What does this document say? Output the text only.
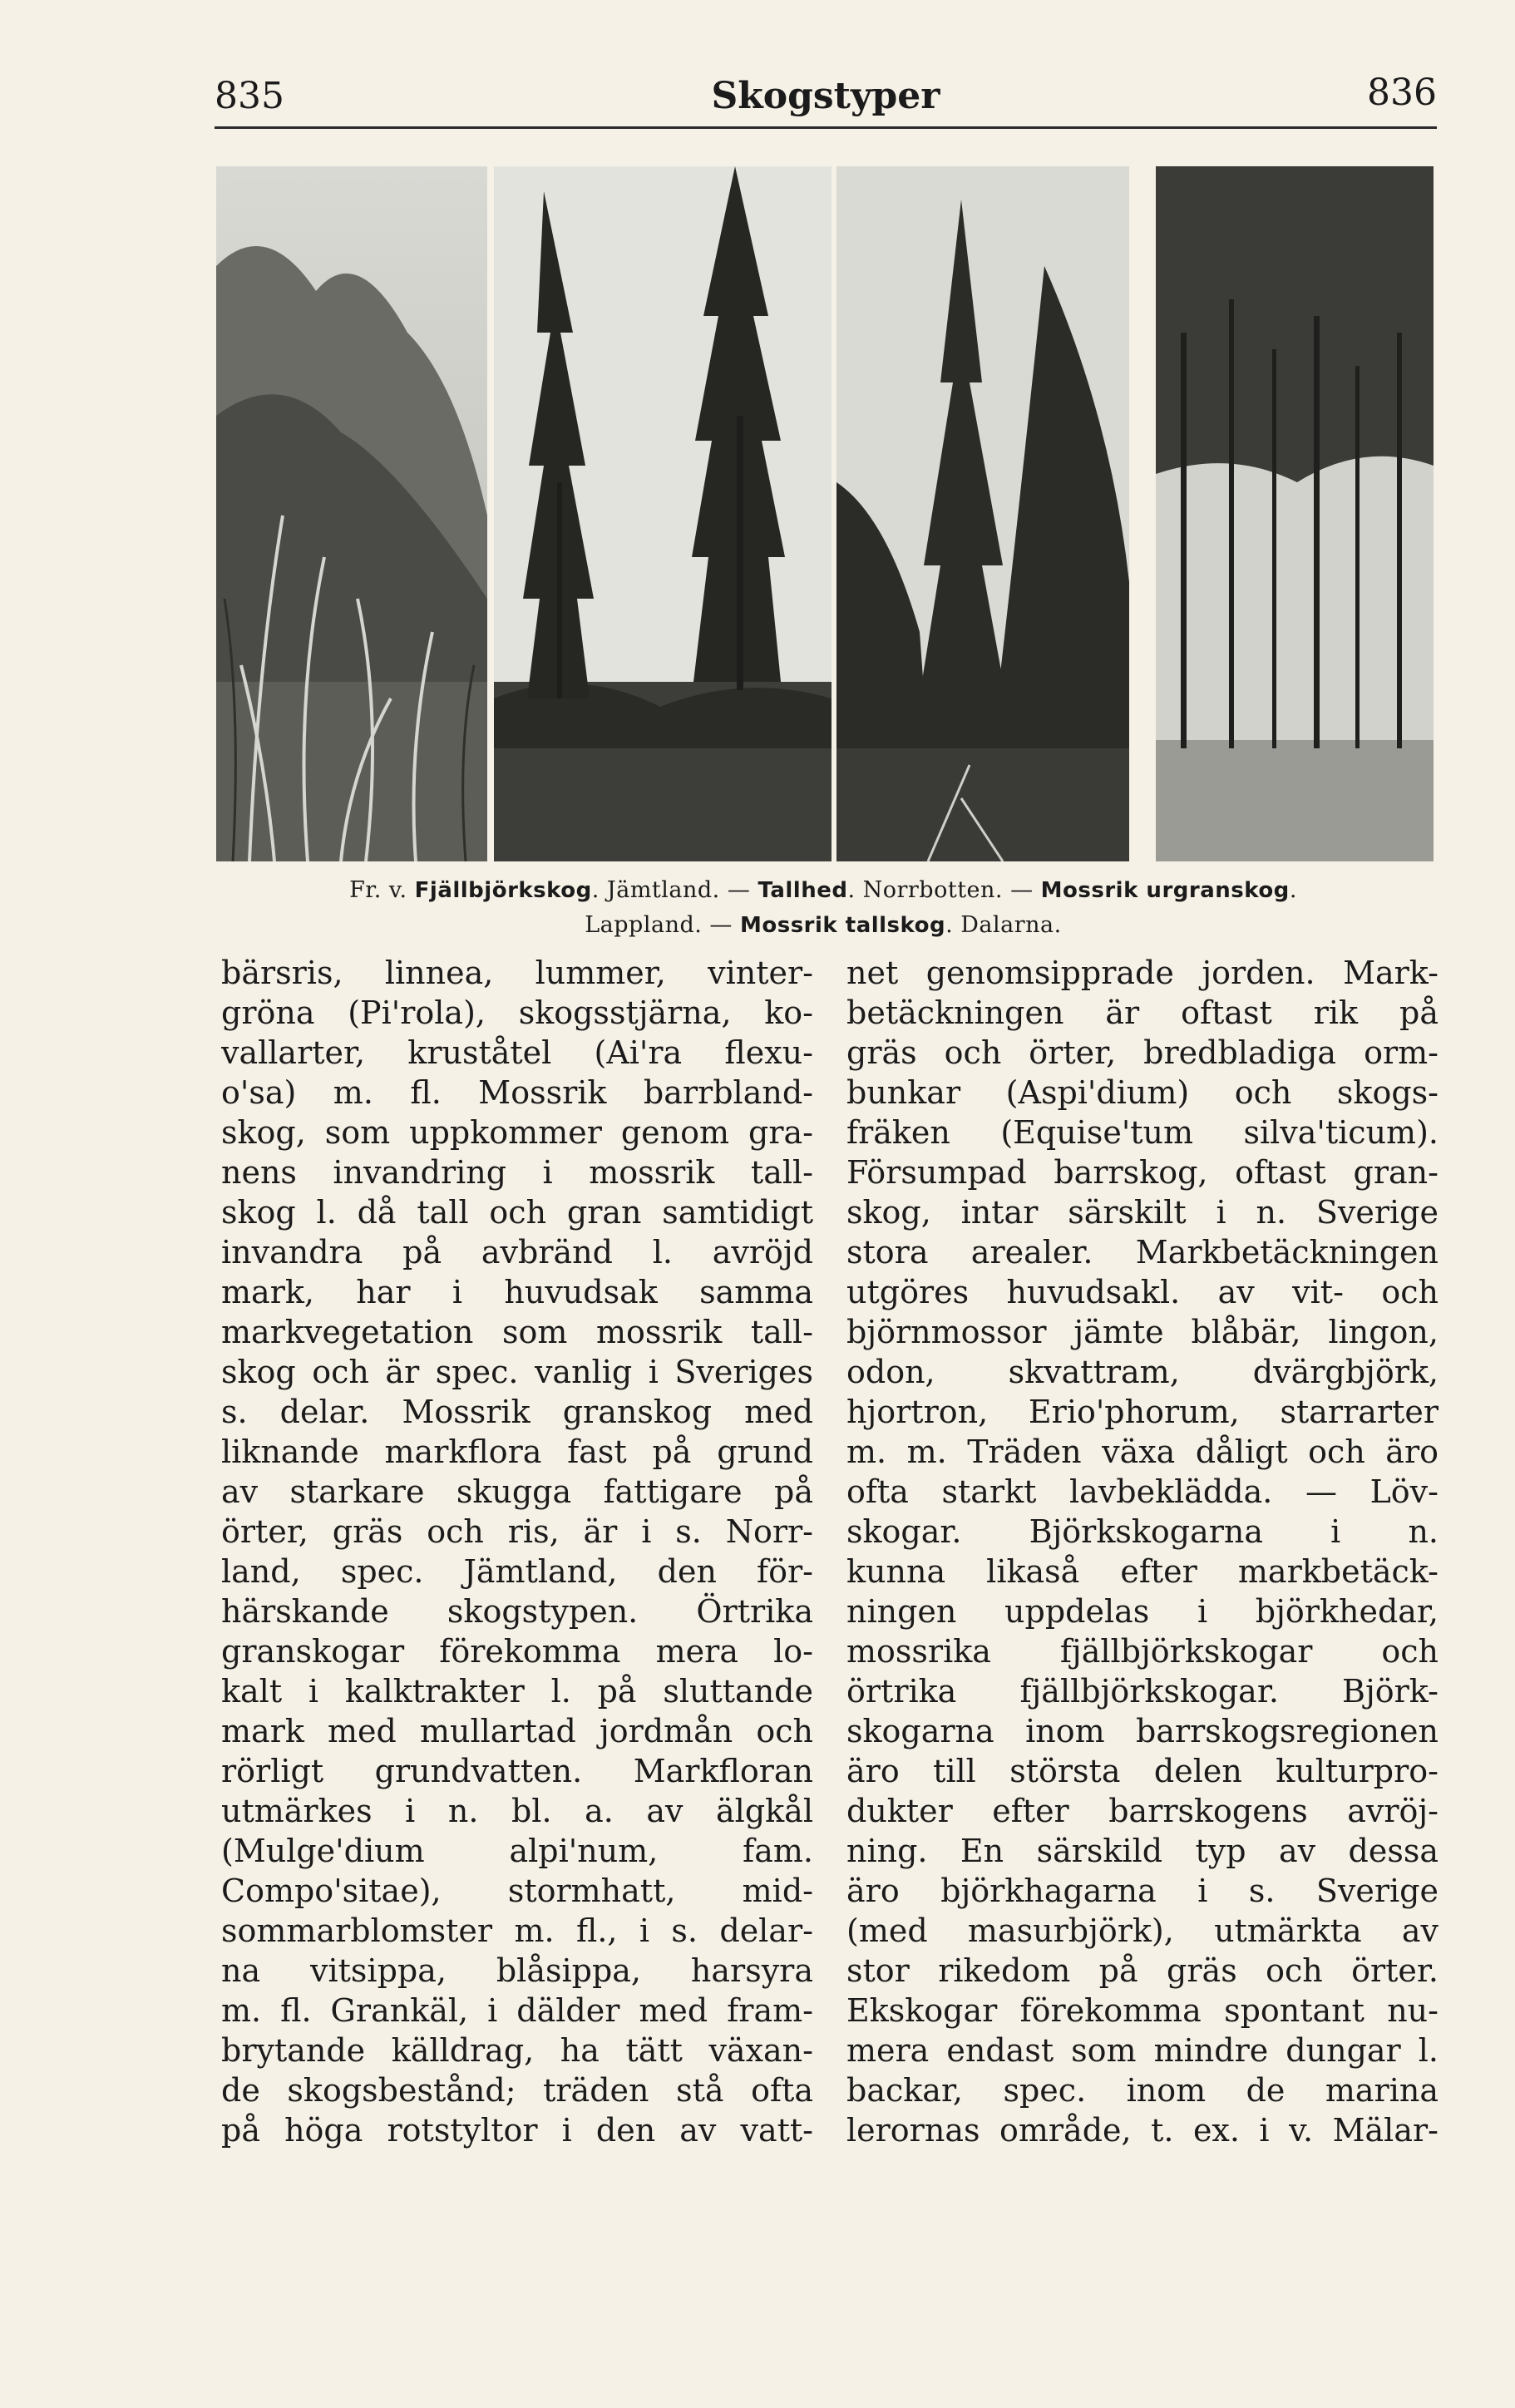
835	Skogstyper	836
Fr. v. Fjällbjörkskog. Jämtland. — Tallhed. Norrbotten. — Mossrik urgranskog.
Lappland. — Mossrik tallskog. Dalarna.
bärsris, linnea, lummer, vinter-
gröna (Pi'rola), skogsstjärna, ko-
vallarter, kruståtel (Ai'ra flexu-
o'sa) m. fl. Mossrik barrbland-
skog, som uppkommer genom gra-
nens invandring i mossrik tall-
skog l. då tall och gran samtidigt
invandra på avbränd l. avröjd
mark, har i huvudsak samma
markvegetation som mossrik tall-
skog och är spec. vanlig i Sveriges
s. delar. Mossrik granskog med
liknande markflora fast på grund
av starkare skugga fattigare på
örter, gräs och ris, är i s. Norr-
land, spec. Jämtland, den för-
härskande skogstypen. Örtrika
granskogar förekomma mera lo-
kalt i kalktrakter l. på sluttande
mark med mullartad jordmån och
rörligt grundvatten. Markfloran
utmärkes i n. bl. a. av älgkål
(Mulge'dium alpi'num, fam.
Compo'sitae), stormhatt, mid-
sommarblomster m. fl., i s. delar-
na vitsippa, blåsippa, harsyra
m. fl. Grankäl, i dälder med fram-
brytande källdrag, ha tätt växan-
de skogsbestånd; träden stå ofta
på höga rotstyltor i den av vatt-
net genomsipprade jorden. Mark-
betäckningen är oftast rik på
gräs och örter, bredbladiga orm-
bunkar (Aspi'dium) och skogs-
fräken (Equise'tum silva'ticum).
Försumpad barrskog, oftast gran-
skog, intar särskilt i n. Sverige
stora arealer. Markbetäckningen
utgöres huvudsakl. av vit- och
björnmossor jämte blåbär, lingon,
odon, skvattram, dvärgbjörk,
hjortron, Erio'phorum, starrarter
m. m. Träden växa dåligt och äro
ofta starkt lavbeklädda. — Löv-
skogar. Björkskogarna i n.
kunna likaså efter markbetäck-
ningen uppdelas i björkhedar,
mossrika fjällbjörkskogar och
örtrika fjällbjörkskogar. Björk-
skogarna inom barrskogsregionen
äro till största delen kulturpro-
dukter efter barrskogens avröj-
ning. En särskild typ av dessa
äro björkhagarna i s. Sverige
(med masurbjörk), utmärkta av
stor rikedom på gräs och örter.
Ekskogar förekomma spontant nu-
mera endast som mindre dungar l.
backar, spec. inom de marina
lerornas område, t. ex. i v. Mälar-
